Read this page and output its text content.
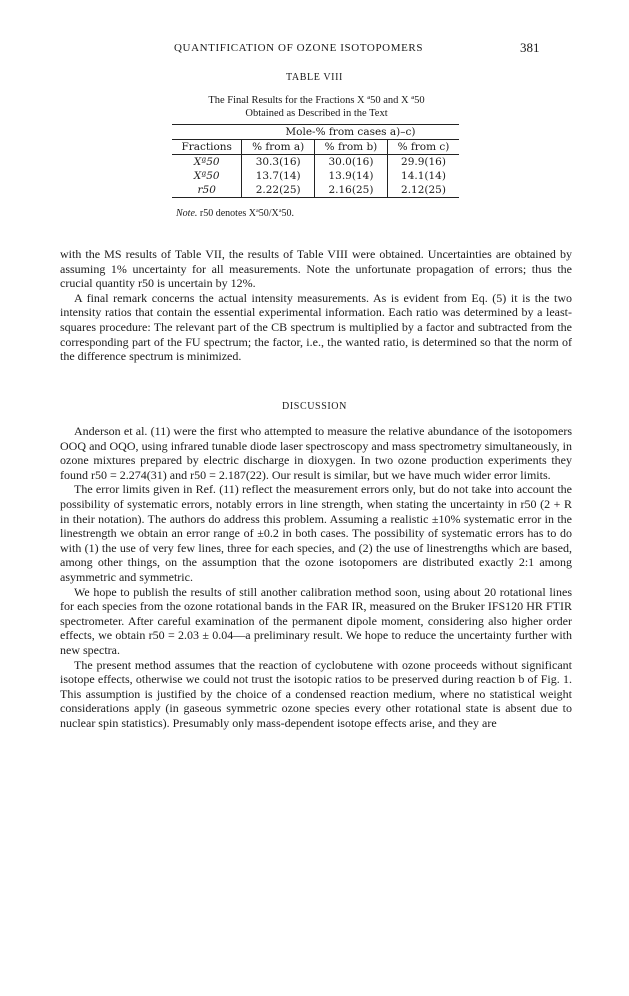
QUANTIFICATION OF OZONE ISOTOPOMERS	381
TABLE VIII
The Final Results for the Fractions X ª50 and X ª50
Obtained as Described in the Text
	Mole-% from cases a)–c)		
Fractions	% from a)	% from b)	% from c)
Xª50	30.3(16)	30.0(16)	29.9(16)
Xª50	13.7(14)	13.9(14)	14.1(14)
r50	2.22(25)	2.16(25)	2.12(25)
Note. r50 denotes Xª50/Xª50.

with the MS results of Table VII, the results of Table VIII were obtained. Uncertainties are obtained by assuming 1% uncertainty for all measurements. Note the unfortunate propagation of errors; thus the crucial quantity r50 is uncertain by 12%.

A final remark concerns the actual intensity measurements. As is evident from Eq. (5) it is the two intensity ratios that contain the essential experimental information. Each ratio was determined by a least-squares procedure: The relevant part of the CB spectrum is multiplied by a factor and subtracted from the corresponding part of the FU spectrum; the factor, i.e., the wanted ratio, is determined so that the norm of the difference spectrum is minimized.

DISCUSSION

Anderson et al. (11) were the first who attempted to measure the relative abundance of the isotopomers OOQ and OQO, using infrared tunable diode laser spectroscopy and mass spectrometry simultaneously, in ozone mixtures prepared by electric discharge in dioxygen. In two ozone production experiments they found r50 = 2.274(31) and r50 = 2.187(22). Our result is similar, but we have much wider error limits.

The error limits given in Ref. (11) reflect the measurement errors only, but do not take into account the possibility of systematic errors, notably errors in line strength, when stating the uncertainty in r50 (2 + R in their notation). The authors do address this problem. Assuming a realistic ±10% systematic error in the linestrength we obtain an error range of ±0.2 in both cases. The possibility of systematic errors has to do with (1) the use of very few lines, three for each species, and (2) the use of linestrengths which are based, among other things, on the assumption that the ozone isotopomers are distributed exactly 2:1 among asymmetric and symmetric.

We hope to publish the results of still another calibration method soon, using about 20 rotational lines for each species from the ozone rotational bands in the FAR IR, measured on the Bruker IFS120 HR FTIR spectrometer. After careful examination of the permanent dipole moment, considering also higher order effects, we obtain r50 = 2.03 ± 0.04—a preliminary result. We hope to reduce the uncertainty further with new spectra.

The present method assumes that the reaction of cyclobutene with ozone proceeds without significant isotope effects, otherwise we could not trust the isotopic ratios to be preserved during reaction b of Fig. 1. This assumption is justified by the choice of a condensed reaction medium, where no statistical weight considerations apply (in gaseous symmetric ozone species every other rotational state is absent due to nuclear spin statistics). Presumably only mass-dependent isotope effects arise, and they are
